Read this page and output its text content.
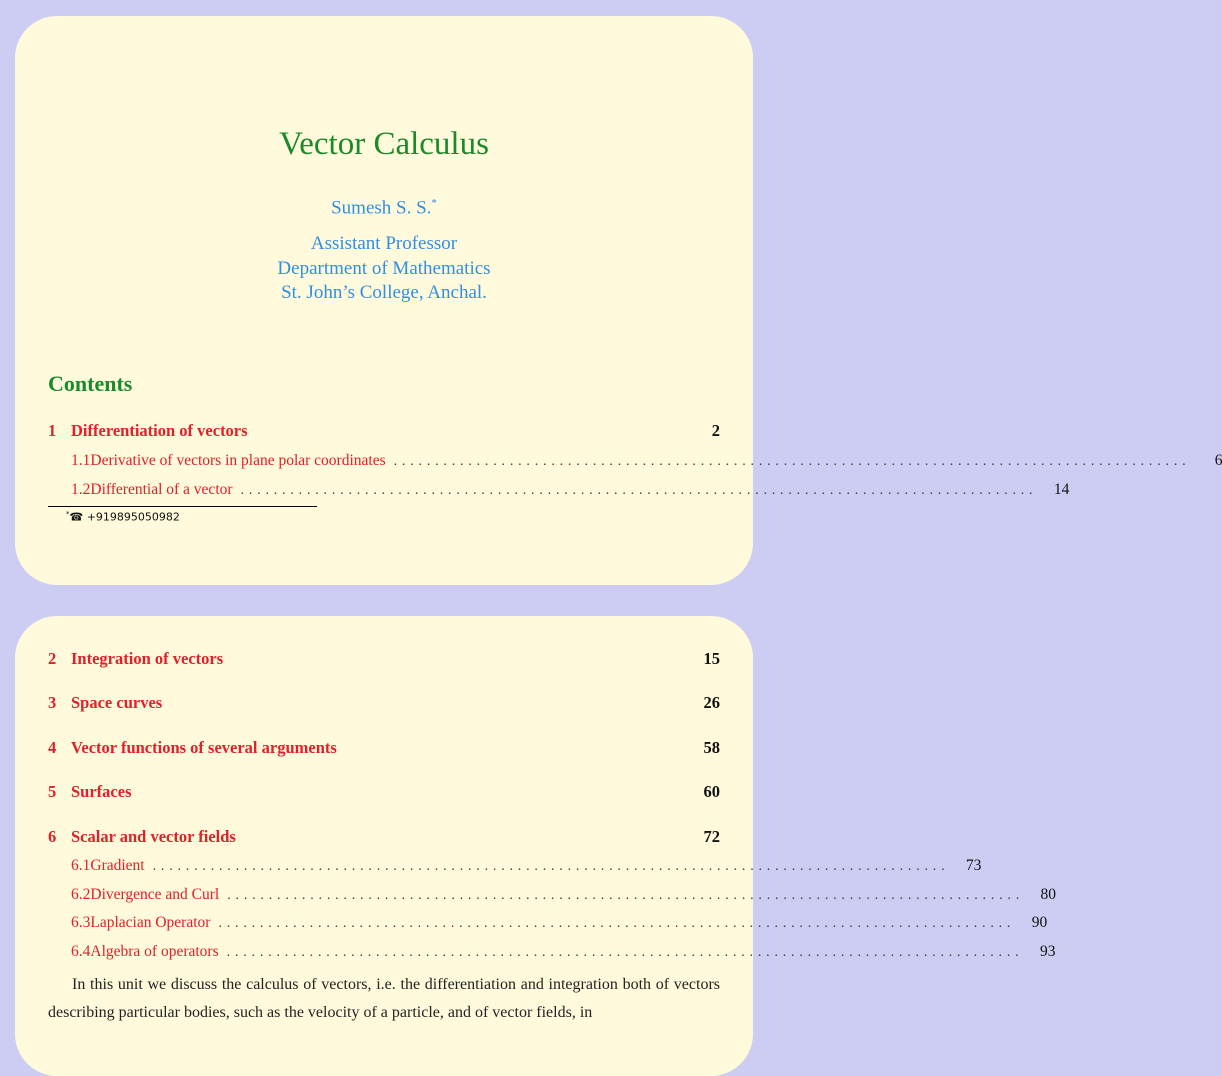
Vector Calculus
Sumesh S. S.*
Assistant Professor
Department of Mathematics
St. John’s College, Anchal.
Contents
1 Differentiation of vectors	2
1.1 Derivative of vectors in plane polar coordinates ................................................................................................	6
1.2 Differential of a vector ................................................................................................	14
*☎ +919895050982
2 Integration of vectors	15
3 Space curves	26
4 Vector functions of several arguments	58
5 Surfaces	60
6 Scalar and vector fields	72
6.1 Gradient ................................................................................................	73
6.2 Divergence and Curl ................................................................................................	80
6.3 Laplacian Operator ................................................................................................	90
6.4 Algebra of operators ................................................................................................	93
In this unit we discuss the calculus of vectors, i.e. the differentiation and integration both of vectors describing particular bodies, such as the velocity of a particle, and of vector fields, in
